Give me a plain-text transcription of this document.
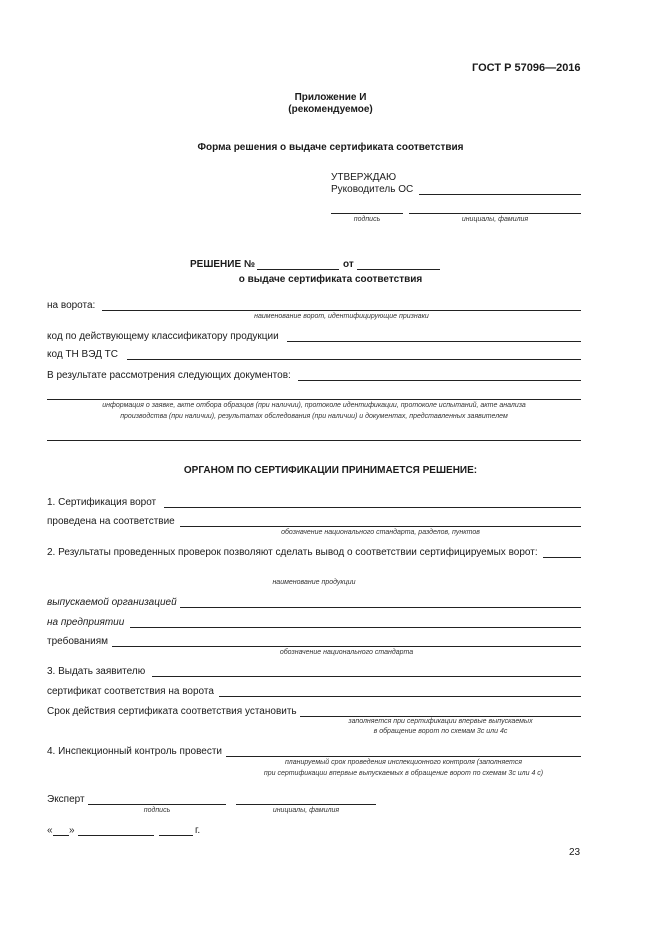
ГОСТ Р 57096—2016
Приложение И
(рекомендуемое)
Форма решения о выдаче сертификата соответствия
УТВЕРЖДАЮ
Руководитель ОС
подпись	инициалы, фамилия
РЕШЕНИЕ №	от
о выдаче сертификата соответствия
на ворота:
наименование ворот, идентифицирующие признаки
код по действующему классификатору продукции
код ТН ВЭД ТС
В результате рассмотрения следующих документов:
информация о заявке, акте отбора образцов (при наличии), протоколе идентификации, протоколе испытаний, акте анализа
производства (при наличии), результатах обследования (при наличии) и документах, представленных заявителем
ОРГАНОМ ПО СЕРТИФИКАЦИИ ПРИНИМАЕТСЯ РЕШЕНИЕ:
1. Сертификация ворот
проведена на соответствие
обозначение национального стандарта, разделов, пунктов
2. Результаты проведенных проверок позволяют сделать вывод о соответствии сертифицируемых ворот:
наименование продукции
выпускаемой организацией
на предприятии
требованиям
обозначение национального стандарта
3. Выдать заявителю
сертификат соответствия на ворота
Срок действия сертификата соответствия установить
заполняется при сертификации впервые выпускаемых
в обращение ворот по схемам 3с или 4с
4. Инспекционный контроль провести
планируемый срок проведения инспекционного контроля (заполняется
при сертификации впервые выпускаемых в обращение ворот по схемам 3с или 4 с)
Эксперт
подпись	инициалы, фамилия
« »	г.
23
